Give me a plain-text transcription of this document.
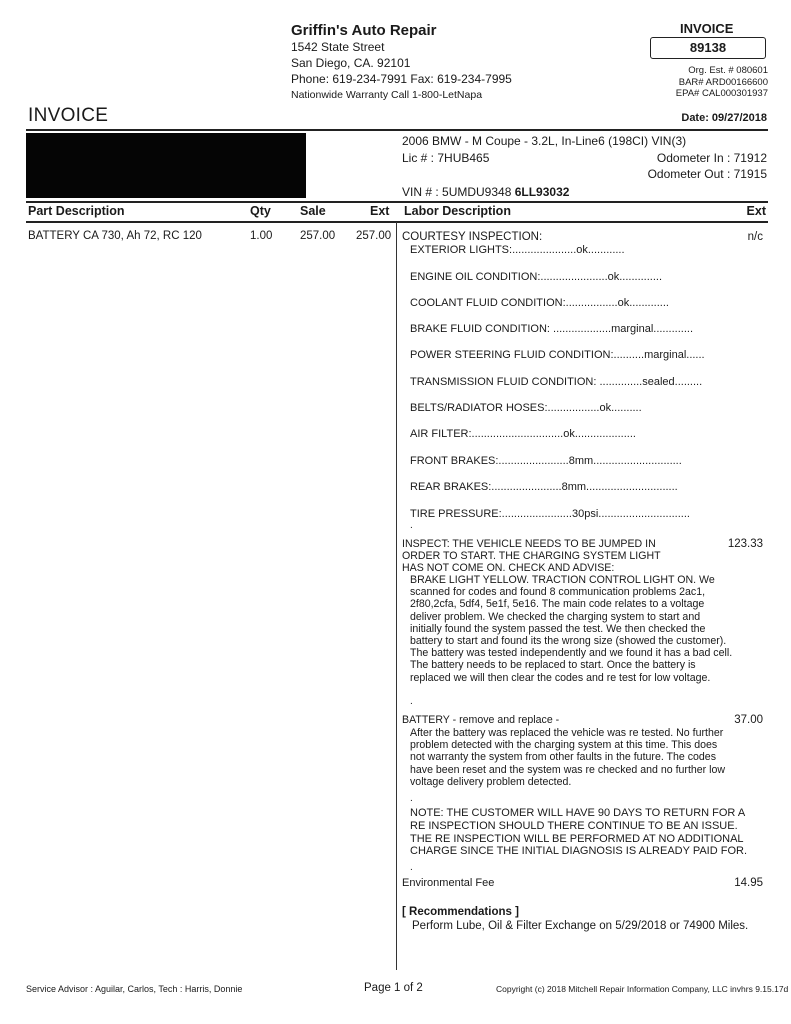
Griffin's Auto Repair
1542 State Street
San Diego, CA. 92101
Phone: 619-234-7991 Fax: 619-234-7995
Nationwide Warranty Call 1-800-LetNapa
INVOICE
89138
Org. Est. # 080601
BAR# ARD00166600
EPA# CAL000301937
INVOICE	Date: 09/27/2018
2006 BMW - M Coupe - 3.2L, In-Line6 (198CI) VIN(3)
Lic # : 7HUB465	Odometer In : 71912
Odometer Out : 71915
VIN # : 5UMDU9348 6LL93032
Part Description	Qty Sale	Ext Labor Description	Ext
BATTERY CA 730, Ah 72, RC 120	1.00 257.00 257.00 COURTESY INSPECTION:	n/c
EXTERIOR LIGHTS:.....................ok............
ENGINE OIL CONDITION:......................ok..............
COOLANT FLUID CONDITION:.................ok.............
BRAKE FLUID CONDITION: ...................marginal.............
POWER STEERING FLUID CONDITION:..........marginal......
TRANSMISSION FLUID CONDITION: ..............sealed.........
BELTS/RADIATOR HOSES:.................ok..........
AIR FILTER:..............................ok....................
FRONT BRAKES:.......................8mm.............................
REAR BRAKES:.......................8mm..............................
TIRE PRESSURE:.......................30psi..............................
.
INSPECT: THE VEHICLE NEEDS TO BE JUMPED IN
ORDER TO START. THE CHARGING SYSTEM LIGHT
HAS NOT COME ON. CHECK AND ADVISE:
123.33
BRAKE LIGHT YELLOW. TRACTION CONTROL LIGHT ON. We
scanned for codes and found 8 communication problems 2ac1,
2f80,2cfa, 5df4, 5e1f, 5e16. The main code relates to a voltage
deliver problem. We checked the charging system to start and
initially found the system passed the test. We then checked the
battery to start and found its the wrong size (showed the customer).
The battery was tested independently and we found it has a bad cell.
The battery needs to be replaced to start. Once the battery is
replaced we will then clear the codes and re test for low voltage.
.
BATTERY - remove and replace -	37.00
After the battery was replaced the vehicle was re tested. No further
problem detected with the charging system at this time. This does
not warranty the system from other faults in the future. The codes
have been reset and the system was re checked and no further low
voltage delivery problem detected.
.
NOTE: THE CUSTOMER WILL HAVE 90 DAYS TO RETURN FOR A
RE INSPECTION SHOULD THERE CONTINUE TO BE AN ISSUE.
THE RE INSPECTION WILL BE PERFORMED AT NO ADDITIONAL
CHARGE SINCE THE INITIAL DIAGNOSIS IS ALREADY PAID FOR.
.
Environmental Fee	14.95
[ Recommendations ]
Perform Lube, Oil & Filter Exchange on 5/29/2018 or 74900 Miles.
Service Advisor : Aguilar, Carlos, Tech : Harris, Donnie	Page 1 of 2	Copyright (c) 2018 Mitchell Repair Information Company, LLC invhrs 9.15.17d
